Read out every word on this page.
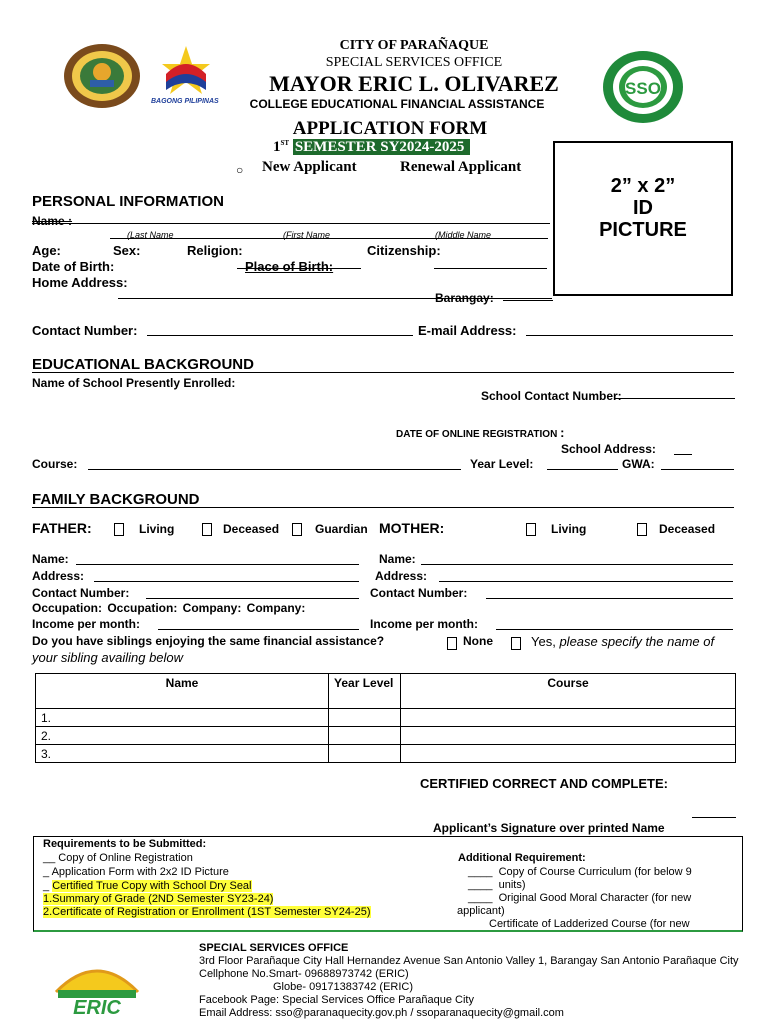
BAGONG PILIPINAS
SSO
CITY OF PARAÑAQUE
SPECIAL SERVICES OFFICE
MAYOR ERIC L. OLIVAREZ
COLLEGE EDUCATIONAL FINANCIAL ASSISTANCE
APPLICATION FORM
1ST SEMESTER SY2024-2025
○ New Applicant	Renewal Applicant
2” x 2”
ID
PICTURE
PERSONAL INFORMATION
Name :
(Last Name	(First Name	(Middle Name
Age:	Sex:	Religion:	Citizenship:
Date of Birth:	Place of Birth:
Home Address:
Barangay:
Contact Number:	E-mail Address:
EDUCATIONAL BACKGROUND
Name of School Presently Enrolled:
School Contact Number:
DATE OF ONLINE REGISTRATION :
School Address:
Course:	Year Level:	GWA:
FAMILY BACKGROUND
FATHER:	Living	Deceased	Guardian MOTHER:	Living	Deceased
Name:	Name:
Address:	Address:
Contact Number:	Contact Number:
Occupation: Occupation: Company: Company:
Income per month:	Income per month:
Do you have siblings enjoying the same financial assistance?	None	Yes, please specify the name of
your sibling availing below
Name	Year Level	Course
1.		
2.		
3.		
CERTIFIED CORRECT AND COMPLETE:
Applicant’s Signature over printed Name
Requirements to be Submitted:
__ Copy of Online Registration
_ Application Form with 2x2 ID Picture
_ Certified True Copy with School Dry Seal
1.Summary of Grade (2ND Semester SY23-24)
2.Certificate of Registration or Enrollment (1ST Semester SY24-25)
Additional Requirement:
____  Copy of Course Curriculum (for below 9
____  units)
____  Original Good Moral Character (for new
applicant)
Certificate of Ladderized Course (for new
ERIC
SPECIAL SERVICES OFFICE
3rd Floor Parañaque City Hall Hernandez Avenue San Antonio Valley 1, Barangay San Antonio Parañaque City
Cellphone No.Smart- 09688973742 (ERIC)
Globe- 09171383742 (ERIC)
Facebook Page: Special Services Office Parañaque City
Email Address: sso@paranaquecity.gov.ph / ssoparanaquecity@gmail.com
